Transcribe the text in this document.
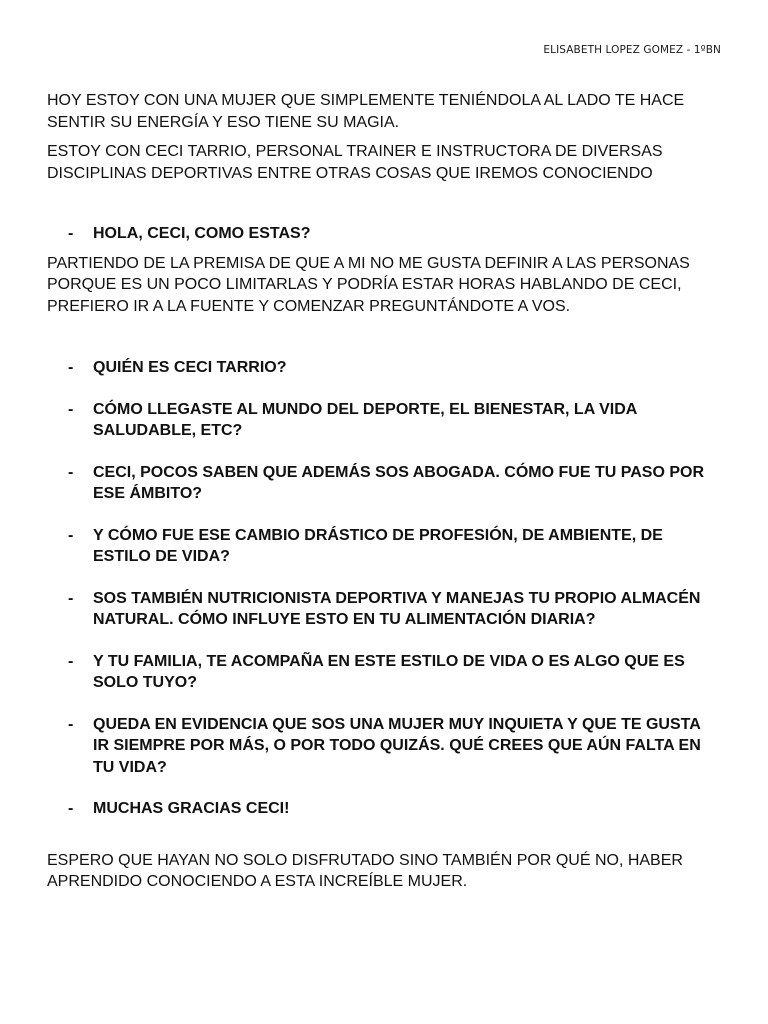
ELISABETH LOPEZ GOMEZ - 1ºBN

HOY ESTOY CON UNA MUJER QUE SIMPLEMENTE TENIÉNDOLA AL LADO TE HACE SENTIR SU ENERGÍA Y ESO TIENE SU MAGIA.

ESTOY CON CECI TARRIO, PERSONAL TRAINER E INSTRUCTORA DE DIVERSAS DISCIPLINAS DEPORTIVAS ENTRE OTRAS COSAS QUE IREMOS CONOCIENDO

- HOLA, CECI, COMO ESTAS?

PARTIENDO DE LA PREMISA DE QUE A MI NO ME GUSTA DEFINIR A LAS PERSONAS PORQUE ES UN POCO LIMITARLAS Y PODRÍA ESTAR HORAS HABLANDO DE CECI, PREFIERO IR A LA FUENTE Y COMENZAR PREGUNTÁNDOTE A VOS.

- QUIÉN ES CECI TARRIO?
- CÓMO LLEGASTE AL MUNDO DEL DEPORTE, EL BIENESTAR, LA VIDA SALUDABLE, ETC?
- CECI, POCOS SABEN QUE ADEMÁS SOS ABOGADA. CÓMO FUE TU PASO POR ESE ÁMBITO?
- Y CÓMO FUE ESE CAMBIO DRÁSTICO DE PROFESIÓN, DE AMBIENTE, DE ESTILO DE VIDA?
- SOS TAMBIÉN NUTRICIONISTA DEPORTIVA Y MANEJAS TU PROPIO ALMACÉN NATURAL. CÓMO INFLUYE ESTO EN TU ALIMENTACIÓN DIARIA?
- Y TU FAMILIA, TE ACOMPAÑA EN ESTE ESTILO DE VIDA O ES ALGO QUE ES SOLO TUYO?
- QUEDA EN EVIDENCIA QUE SOS UNA MUJER MUY INQUIETA Y QUE TE GUSTA IR SIEMPRE POR MÁS, O POR TODO QUIZÁS. QUÉ CREES QUE AÚN FALTA EN TU VIDA?
- MUCHAS GRACIAS CECI!

ESPERO QUE HAYAN NO SOLO DISFRUTADO SINO TAMBIÉN POR QUÉ NO, HABER APRENDIDO CONOCIENDO A ESTA INCREÍBLE MUJER.
